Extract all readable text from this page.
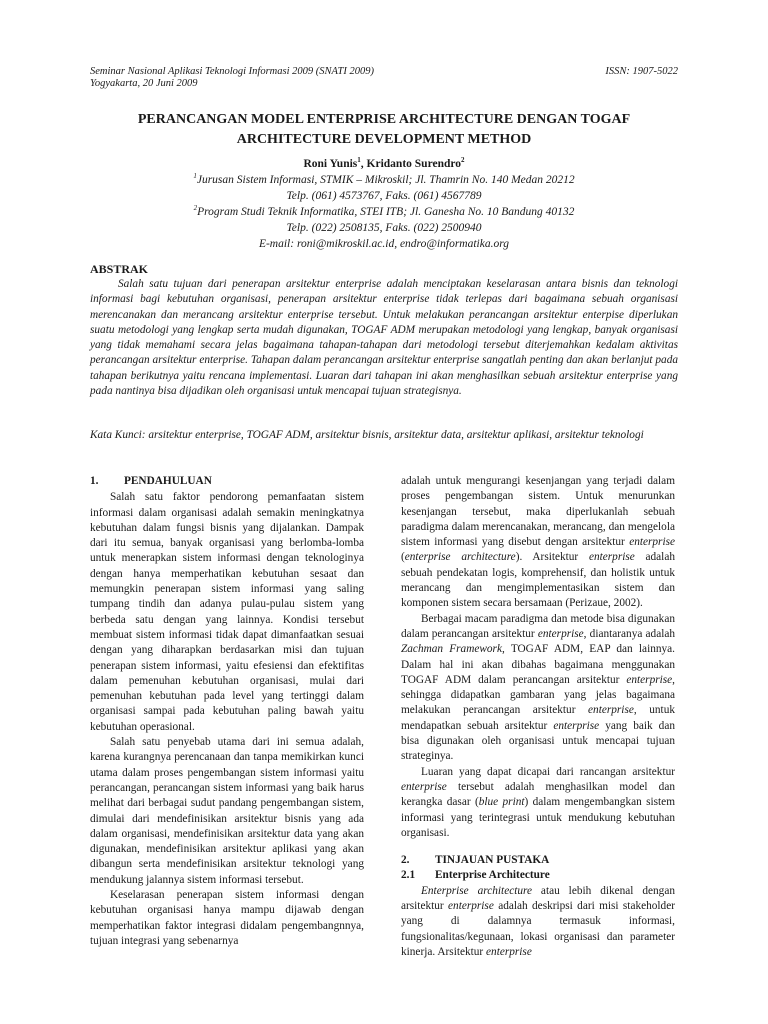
Seminar Nasional Aplikasi Teknologi Informasi 2009 (SNATI 2009)
Yogyakarta, 20 Juni 2009
ISSN: 1907-5022
PERANCANGAN MODEL ENTERPRISE ARCHITECTURE DENGAN TOGAF
ARCHITECTURE DEVELOPMENT METHOD
Roni Yunis$^1$, Kridanto Surendro$^2$
$^1$Jurusan Sistem Informasi, STMIK – Mikroskil; Jl. Thamrin No. 140 Medan 20212
Telp. (061) 4573767, Faks. (061) 4567789
$^2$Program Studi Teknik Informatika, STEI ITB; Jl. Ganesha No. 10 Bandung 40132
Telp. (022) 2508135, Faks. (022) 2500940
E-mail: roni@mikroskil.ac.id, endro@informatika.org
ABSTRAK

Salah satu tujuan dari penerapan arsitektur enterprise adalah menciptakan keselarasan antara bisnis dan teknologi informasi bagi kebutuhan organisasi, penerapan arsitektur enterprise tidak terlepas dari bagaimana sebuah organisasi merencanakan dan merancang arsitektur enterprise tersebut. Untuk melakukan perancangan arsitektur enterpise diperlukan suatu metodologi yang lengkap serta mudah digunakan, TOGAF ADM merupakan metodologi yang lengkap, banyak organisasi yang tidak memahami secara jelas bagaimana tahapan-tahapan dari metodologi tersebut diterjemahkan kedalam aktivitas perancangan arsitektur enterprise. Tahapan dalam perancangan arsitektur enterprise sangatlah penting dan akan berlanjut pada tahapan berikutnya yaitu rencana implementasi. Luaran dari tahapan ini akan menghasilkan sebuah arsitektur enterprise yang pada nantinya bisa dijadikan oleh organisasi untuk mencapai tujuan strategisnya.

Kata Kunci: arsitektur enterprise, TOGAF ADM, arsitektur bisnis, arsitektur data, arsitektur aplikasi, arsitektur teknologi

1. PENDAHULUAN

Salah satu faktor pendorong pemanfaatan sistem informasi dalam organisasi adalah semakin meningkatnya kebutuhan dalam fungsi bisnis yang dijalankan. Dampak dari itu semua, banyak organisasi yang berlomba-lomba untuk menerapkan sistem informasi dengan teknologinya dengan hanya memperhatikan kebutuhan sesaat dan memungkin penerapan sistem informasi yang saling tumpang tindih dan adanya pulau-pulau sistem yang berbeda satu dengan yang lainnya. Kondisi tersebut membuat sistem informasi tidak dapat dimanfaatkan sesuai dengan yang diharapkan berdasarkan misi dan tujuan penerapan sistem informasi, yaitu efesiensi dan efektifitas dalam pemenuhan kebutuhan organisasi, mulai dari pemenuhan kebutuhan pada level yang tertinggi dalam organisasi sampai pada kebutuhan paling bawah yaitu kebutuhan operasional.

Salah satu penyebab utama dari ini semua adalah, karena kurangnya perencanaan dan tanpa memikirkan kunci utama dalam proses pengembangan sistem informasi yaitu perancangan, perancangan sistem informasi yang baik harus melihat dari berbagai sudut pandang pengembangan sistem, dimulai dari mendefinisikan arsitektur bisnis yang ada dalam organisasi, mendefinisikan arsitektur data yang akan digunakan, mendefinisikan arsitektur aplikasi yang akan dibangun serta mendefinisikan arsitektur teknologi yang mendukung jalannya sistem informasi tersebut.

Keselarasan penerapan sistem informasi dengan kebutuhan organisasi hanya mampu dijawab dengan memperhatikan faktor integrasi didalam pengembangnnya, tujuan integrasi yang sebenarnya

adalah untuk mengurangi kesenjangan yang terjadi dalam proses pengembangan sistem. Untuk menurunkan kesenjangan tersebut, maka diperlukanlah sebuah paradigma dalam merencanakan, merancang, dan mengelola sistem informasi yang disebut dengan arsitektur enterprise (enterprise architecture). Arsitektur enterprise adalah sebuah pendekatan logis, komprehensif, dan holistik untuk merancang dan mengimplementasikan sistem dan komponen sistem secara bersamaan (Perizaue, 2002).

Berbagai macam paradigma dan metode bisa digunakan dalam perancangan arsitektur enterprise, diantaranya adalah Zachman Framework, TOGAF ADM, EAP dan lainnya. Dalam hal ini akan dibahas bagaimana menggunakan TOGAF ADM dalam perancangan arsitektur enterprise, sehingga didapatkan gambaran yang jelas bagaimana melakukan perancangan arsitektur enterprise, untuk mendapatkan sebuah arsitektur enterprise yang baik dan bisa digunakan oleh organisasi untuk mencapai tujuan strateginya.

Luaran yang dapat dicapai dari rancangan arsitektur enterprise tersebut adalah menghasilkan model dan kerangka dasar (blue print) dalam mengembangkan sistem informasi yang terintegrasi untuk mendukung kebutuhan organisasi.

2. TINJAUAN PUSTAKA
2.1 Enterprise Architecture

Enterprise architecture atau lebih dikenal dengan arsitektur enterprise adalah deskripsi dari misi stakeholder yang di dalamnya termasuk informasi, fungsionalitas/kegunaan, lokasi organisasi dan parameter kinerja. Arsitektur enterprise
